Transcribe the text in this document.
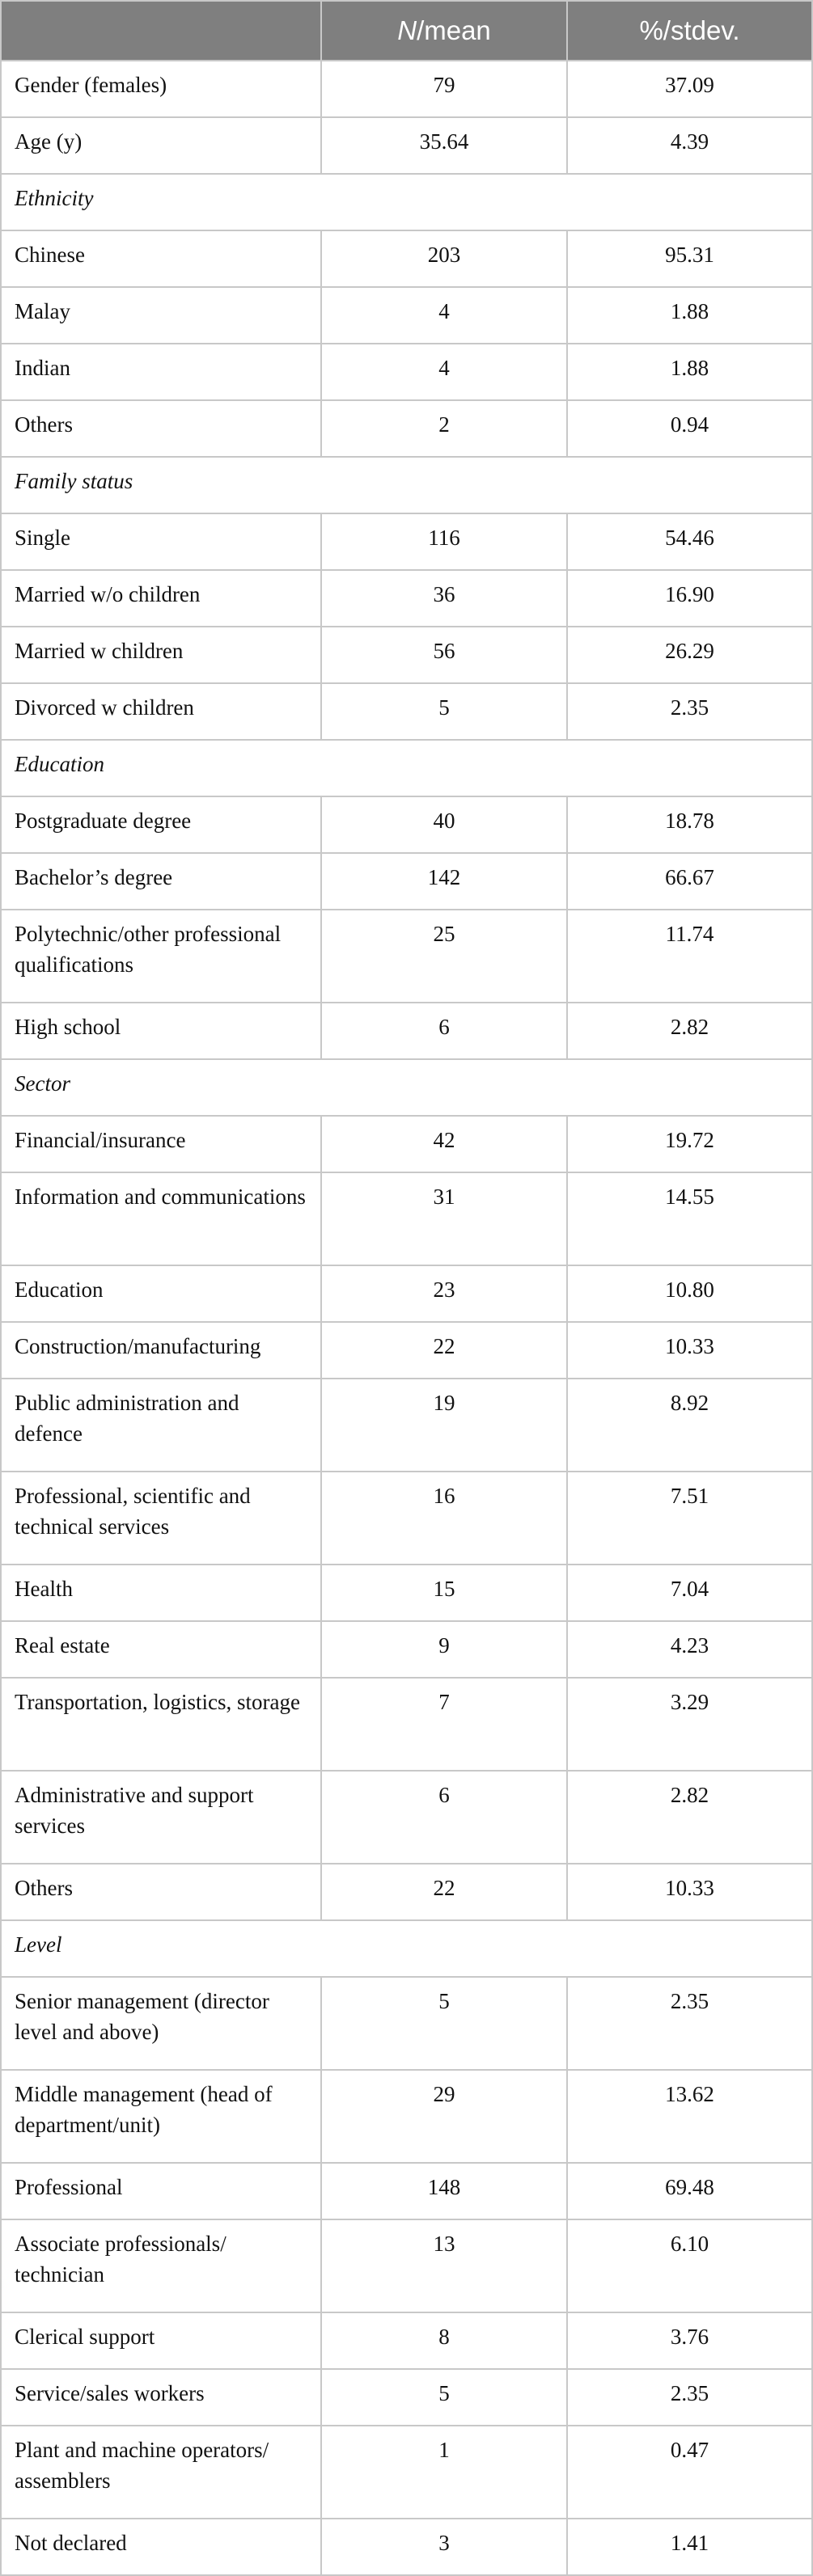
	N/mean	%/stdev.
Gender (females)	79	37.09
Age (y)	35.64	4.39
Ethnicity		
Chinese	203	95.31
Malay	4	1.88
Indian	4	1.88
Others	2	0.94
Family status		
Single	116	54.46
Married w/o children	36	16.90
Married w children	56	26.29
Divorced w children	5	2.35
Education		
Postgraduate degree	40	18.78
Bachelor’s degree	142	66.67
Polytechnic/other professional qualifications	25	11.74
High school	6	2.82
Sector		
Financial/insurance	42	19.72
Information and communications	31	14.55
Education	23	10.80
Construction/manufacturing	22	10.33
Public administration and defence	19	8.92
Professional, scientific and technical services	16	7.51
Health	15	7.04
Real estate	9	4.23
Transportation, logistics, storage	7	3.29
Administrative and support services	6	2.82
Others	22	10.33
Level		
Senior management (director level and above)	5	2.35
Middle management (head of department/unit)	29	13.62
Professional	148	69.48
Associate professionals/ technician	13	6.10
Clerical support	8	3.76
Service/sales workers	5	2.35
Plant and machine operators/ assemblers	1	0.47
Not declared	3	1.41
